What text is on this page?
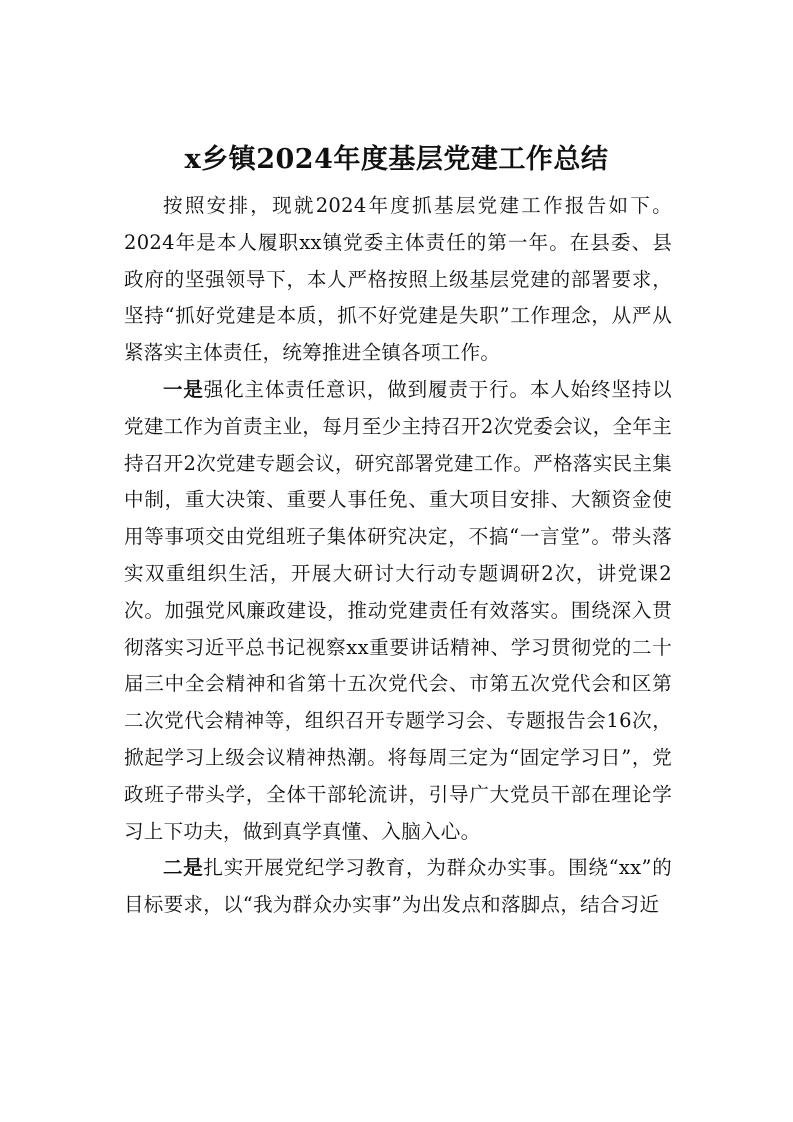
x乡镇2024年度基层党建工作总结

按照安排，现就2024年度抓基层党建工作报告如下。2024年是本人履职xx镇党委主体责任的第一年。在县委、县政府的坚强领导下，本人严格按照上级基层党建的部署要求，坚持“抓好党建是本质，抓不好党建是失职”工作理念，从严从紧落实主体责任，统筹推进全镇各项工作。

一是强化主体责任意识，做到履责于行。本人始终坚持以党建工作为首责主业，每月至少主持召开2次党委会议，全年主持召开2次党建专题会议，研究部署党建工作。严格落实民主集中制，重大决策、重要人事任免、重大项目安排、大额资金使用等事项交由党组班子集体研究决定，不搞“一言堂”。带头落实双重组织生活，开展大研讨大行动专题调研2次，讲党课2次。加强党风廉政建设，推动党建责任有效落实。围绕深入贯彻落实习近平总书记视察xx重要讲话精神、学习贯彻党的二十届三中全会精神和省第十五次党代会、市第五次党代会和区第二次党代会精神等，组织召开专题学习会、专题报告会16次，掀起学习上级会议精神热潮。将每周三定为“固定学习日”，党政班子带头学，全体干部轮流讲，引导广大党员干部在理论学习上下功夫，做到真学真懂、入脑入心。

二是扎实开展党纪学习教育，为群众办实事。围绕“xx”的目标要求，以“我为群众办实事”为出发点和落脚点，结合习近
